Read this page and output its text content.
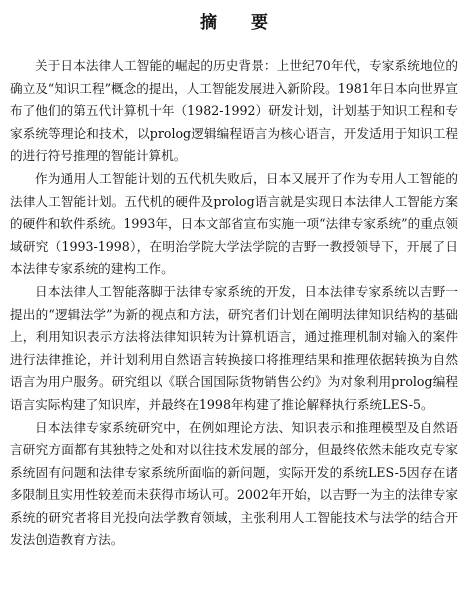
摘 要

关于日本法律人工智能的崛起的历史背景：上世纪70年代，专家系统地位的确立及“知识工程”概念的提出，人工智能发展进入新阶段。1981年日本向世界宣布了他们的第五代计算机十年（1982-1992）研发计划，计划基于知识工程和专家系统等理论和技术，以prolog逻辑编程语言为核心语言，开发适用于知识工程的进行符号推理的智能计算机。

作为通用人工智能计划的五代机失败后，日本又展开了作为专用人工智能的法律人工智能计划。五代机的硬件及prolog语言就是实现日本法律人工智能方案的硬件和软件系统。1993年，日本文部省宣布实施一项“法律专家系统”的重点领域研究（1993-1998），在明治学院大学法学院的吉野一教授领导下，开展了日本法律专家系统的建构工作。

日本法律人工智能落脚于法律专家系统的开发，日本法律专家系统以吉野一提出的“逻辑法学”为新的视点和方法，研究者们计划在阐明法律知识结构的基础上，利用知识表示方法将法律知识转为计算机语言，通过推理机制对输入的案件进行法律推论，并计划利用自然语言转换接口将推理结果和推理依据转换为自然语言为用户服务。研究组以《联合国国际货物销售公约》为对象利用prolog编程语言实际构建了知识库，并最终在1998年构建了推论解释执行系统LES-5。

日本法律专家系统研究中，在例如理论方法、知识表示和推理模型及自然语言研究方面都有其独特之处和对以往技术发展的部分，但最终依然未能攻克专家系统固有问题和法律专家系统所面临的新问题，实际开发的系统LES-5因存在诸多限制且实用性较差而未获得市场认可。2002年开始，以吉野一为主的法律专家系统的研究者将目光投向法学教育领域，主张利用人工智能技术与法学的结合开发法创造教育方法。
